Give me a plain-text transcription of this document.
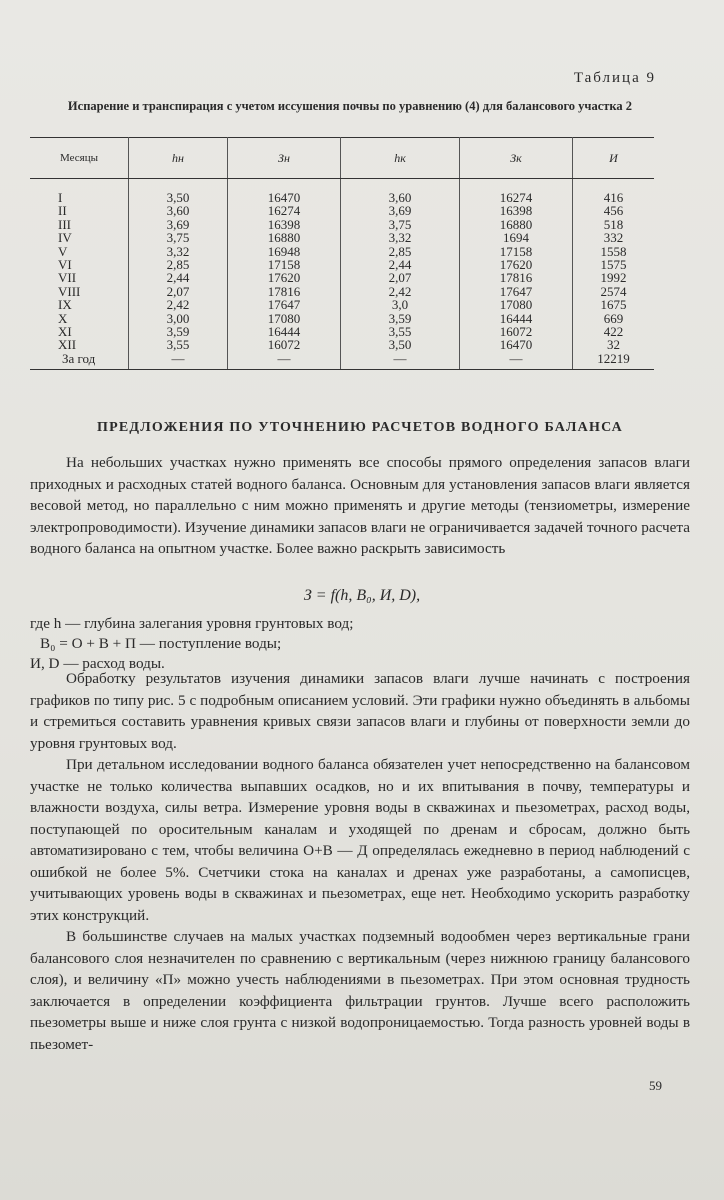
Таблица 9
Испарение и транспирация с учетом иссушения почвы по уравнению (4) для балансового участка 2
Месяцы	hн	Зн	hк	Зк	И
I	3,50	16470	3,60	16274	416
II	3,60	16274	3,69	16398	456
III	3,69	16398	3,75	16880	518
IV	3,75	16880	3,32	1694	332
V	3,32	16948	2,85	17158	1558
VI	2,85	17158	2,44	17620	1575
VII	2,44	17620	2,07	17816	1992
VIII	2,07	17816	2,42	17647	2574
IX	2,42	17647	3,0	17080	1675
X	3,00	17080	3,59	16444	669
XI	3,59	16444	3,55	16072	422
XII	3,55	16072	3,50	16470	32
За год	—	—	—	—	12219
ПРЕДЛОЖЕНИЯ ПО УТОЧНЕНИЮ РАСЧЕТОВ ВОДНОГО БАЛАНСА

На небольших участках нужно применять все способы прямого определения запасов влаги приходных и расходных статей водного баланса. Основным для установления запасов влаги является весовой метод, но параллельно с ним можно применять и другие методы (тензиометры, измерение электропроводимости). Изучение динамики запасов влаги не ограничивается задачей точного расчета водного баланса на опытном участке. Более важно раскрыть зависимость

З = f(h, B₀, И, D),
где h — глубина залегания уровня грунтовых вод;
B₀ = О + В + П — поступление воды;
И, D — расход воды.

Обработку результатов изучения динамики запасов влаги лучше начинать с построения графиков по типу рис. 5 с подробным описанием условий. Эти графики нужно объединять в альбомы и стремиться составить уравнения кривых связи запасов влаги и глубины от поверхности земли до уровня грунтовых вод.

При детальном исследовании водного баланса обязателен учет непосредственно на балансовом участке не только количества выпавших осадков, но и их впитывания в почву, температуры и влажности воздуха, силы ветра. Измерение уровня воды в скважинах и пьезометрах, расход воды, поступающей по оросительным каналам и уходящей по дренам и сбросам, должно быть автоматизировано с тем, чтобы величина О+В — Д определялась ежедневно в период наблюдений с ошибкой не более 5%. Счетчики стока на каналах и дренах уже разработаны, а самописцев, учитывающих уровень воды в скважинах и пьезометрах, еще нет. Необходимо ускорить разработку этих конструкций.

В большинстве случаев на малых участках подземный водообмен через вертикальные грани балансового слоя незначителен по сравнению с вертикальным (через нижнюю границу балансового слоя), и величину «П» можно учесть наблюдениями в пьезометрах. При этом основная трудность заключается в определении коэффициента фильтрации грунтов. Лучше всего расположить пьезометры выше и ниже слоя грунта с низкой водопроницаемостью. Тогда разность уровней воды в пьезомет-

59
